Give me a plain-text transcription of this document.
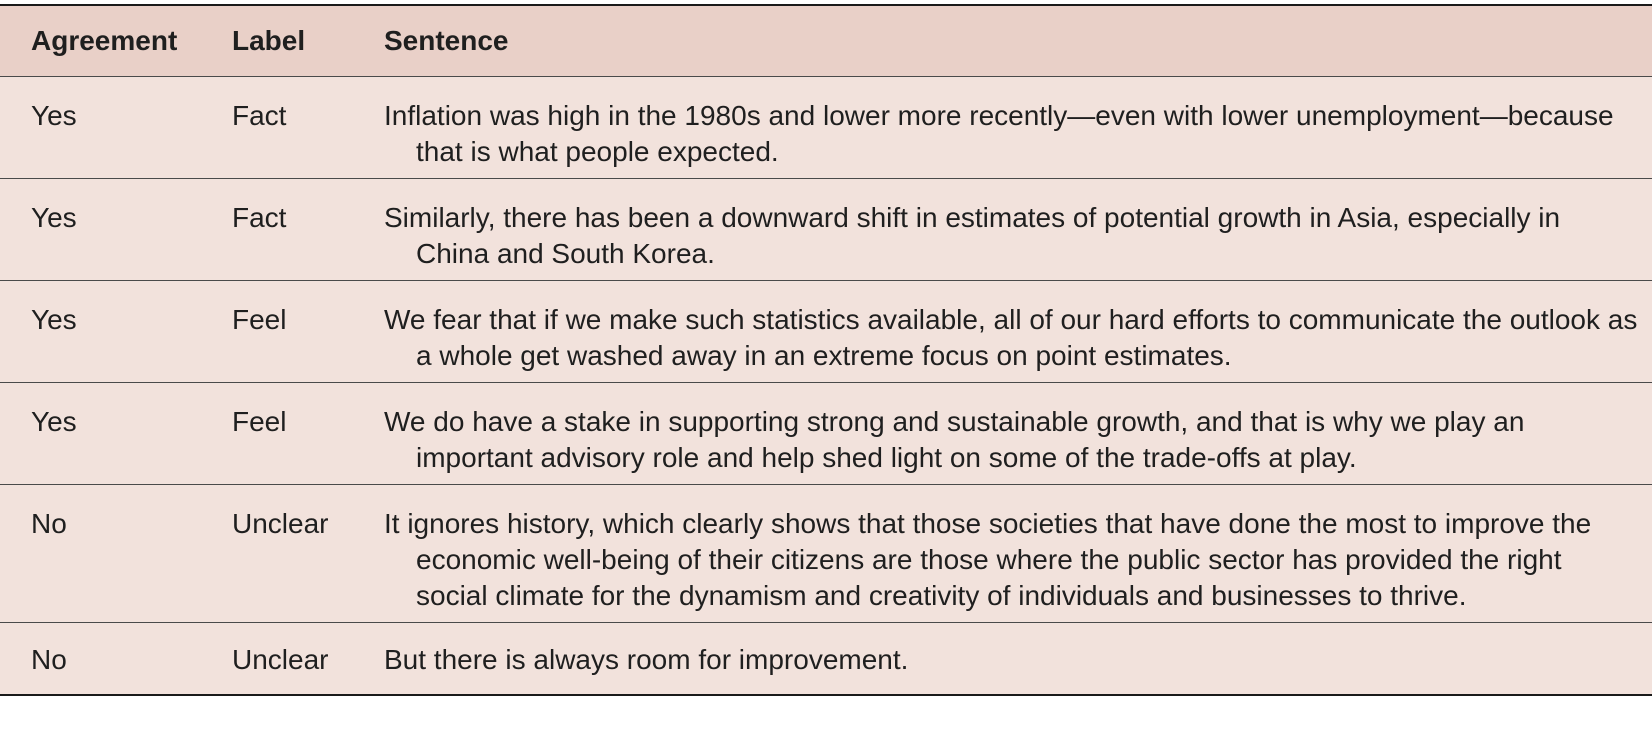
Agreement	Label	Sentence

Yes	Fact	Inflation was high in the 1980s and lower more recently—even with lower unemployment—because that is what people expected.

Yes	Fact	Similarly, there has been a downward shift in estimates of potential growth in Asia, especially in China and South Korea.

Yes	Feel	We fear that if we make such statistics available, all of our hard efforts to communicate the outlook as a whole get washed away in an extreme focus on point estimates.

Yes	Feel	We do have a stake in supporting strong and sustainable growth, and that is why we play an important advisory role and help shed light on some of the trade-offs at play.

No	Unclear	It ignores history, which clearly shows that those societies that have done the most to improve the economic well-being of their citizens are those where the public sector has provided the right social climate for the dynamism and creativity of individuals and businesses to thrive.

No	Unclear	But there is always room for improvement.
